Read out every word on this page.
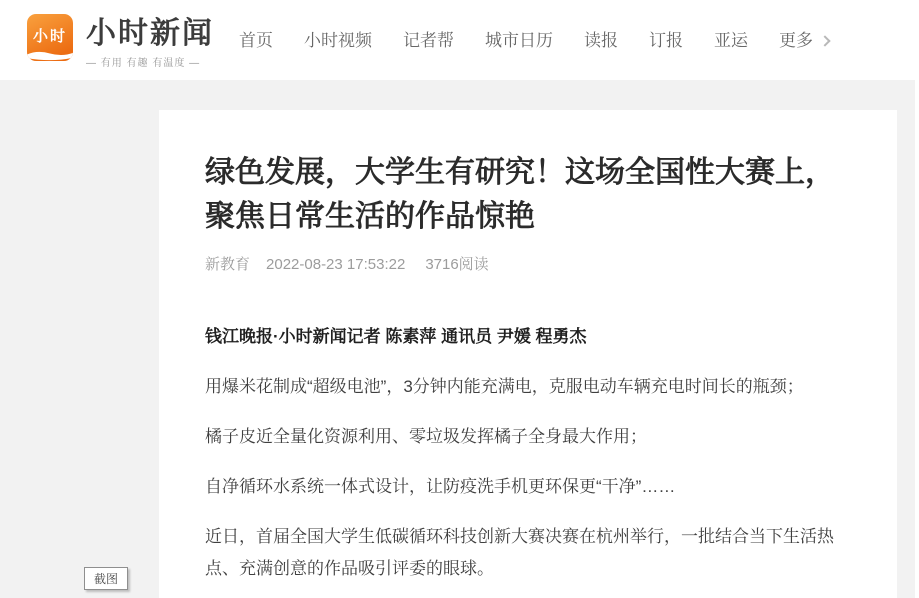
小时 小时新闻
— 有用 有趣 有温度 —
首页 小时视频 记者帮 城市日历 读报 订报 亚运 更多
绿色发展，大学生有研究！这场全国性大赛上，聚焦日常生活的作品惊艳
新教育 2022-08-23 17:53:22 3716阅读

钱江晚报·小时新闻记者 陈素萍 通讯员 尹媛 程勇杰

用爆米花制成“超级电池”，3分钟内能充满电，克服电动车辆充电时间长的瓶颈；

橘子皮近全量化资源利用、零垃圾发挥橘子全身最大作用；

自净循环水系统一体式设计，让防疫洗手机更环保更“干净”……

近日，首届全国大学生低碳循环科技创新大赛决赛在杭州举行，一批结合当下生活热点、充满创意的作品吸引评委的眼球。

截图
